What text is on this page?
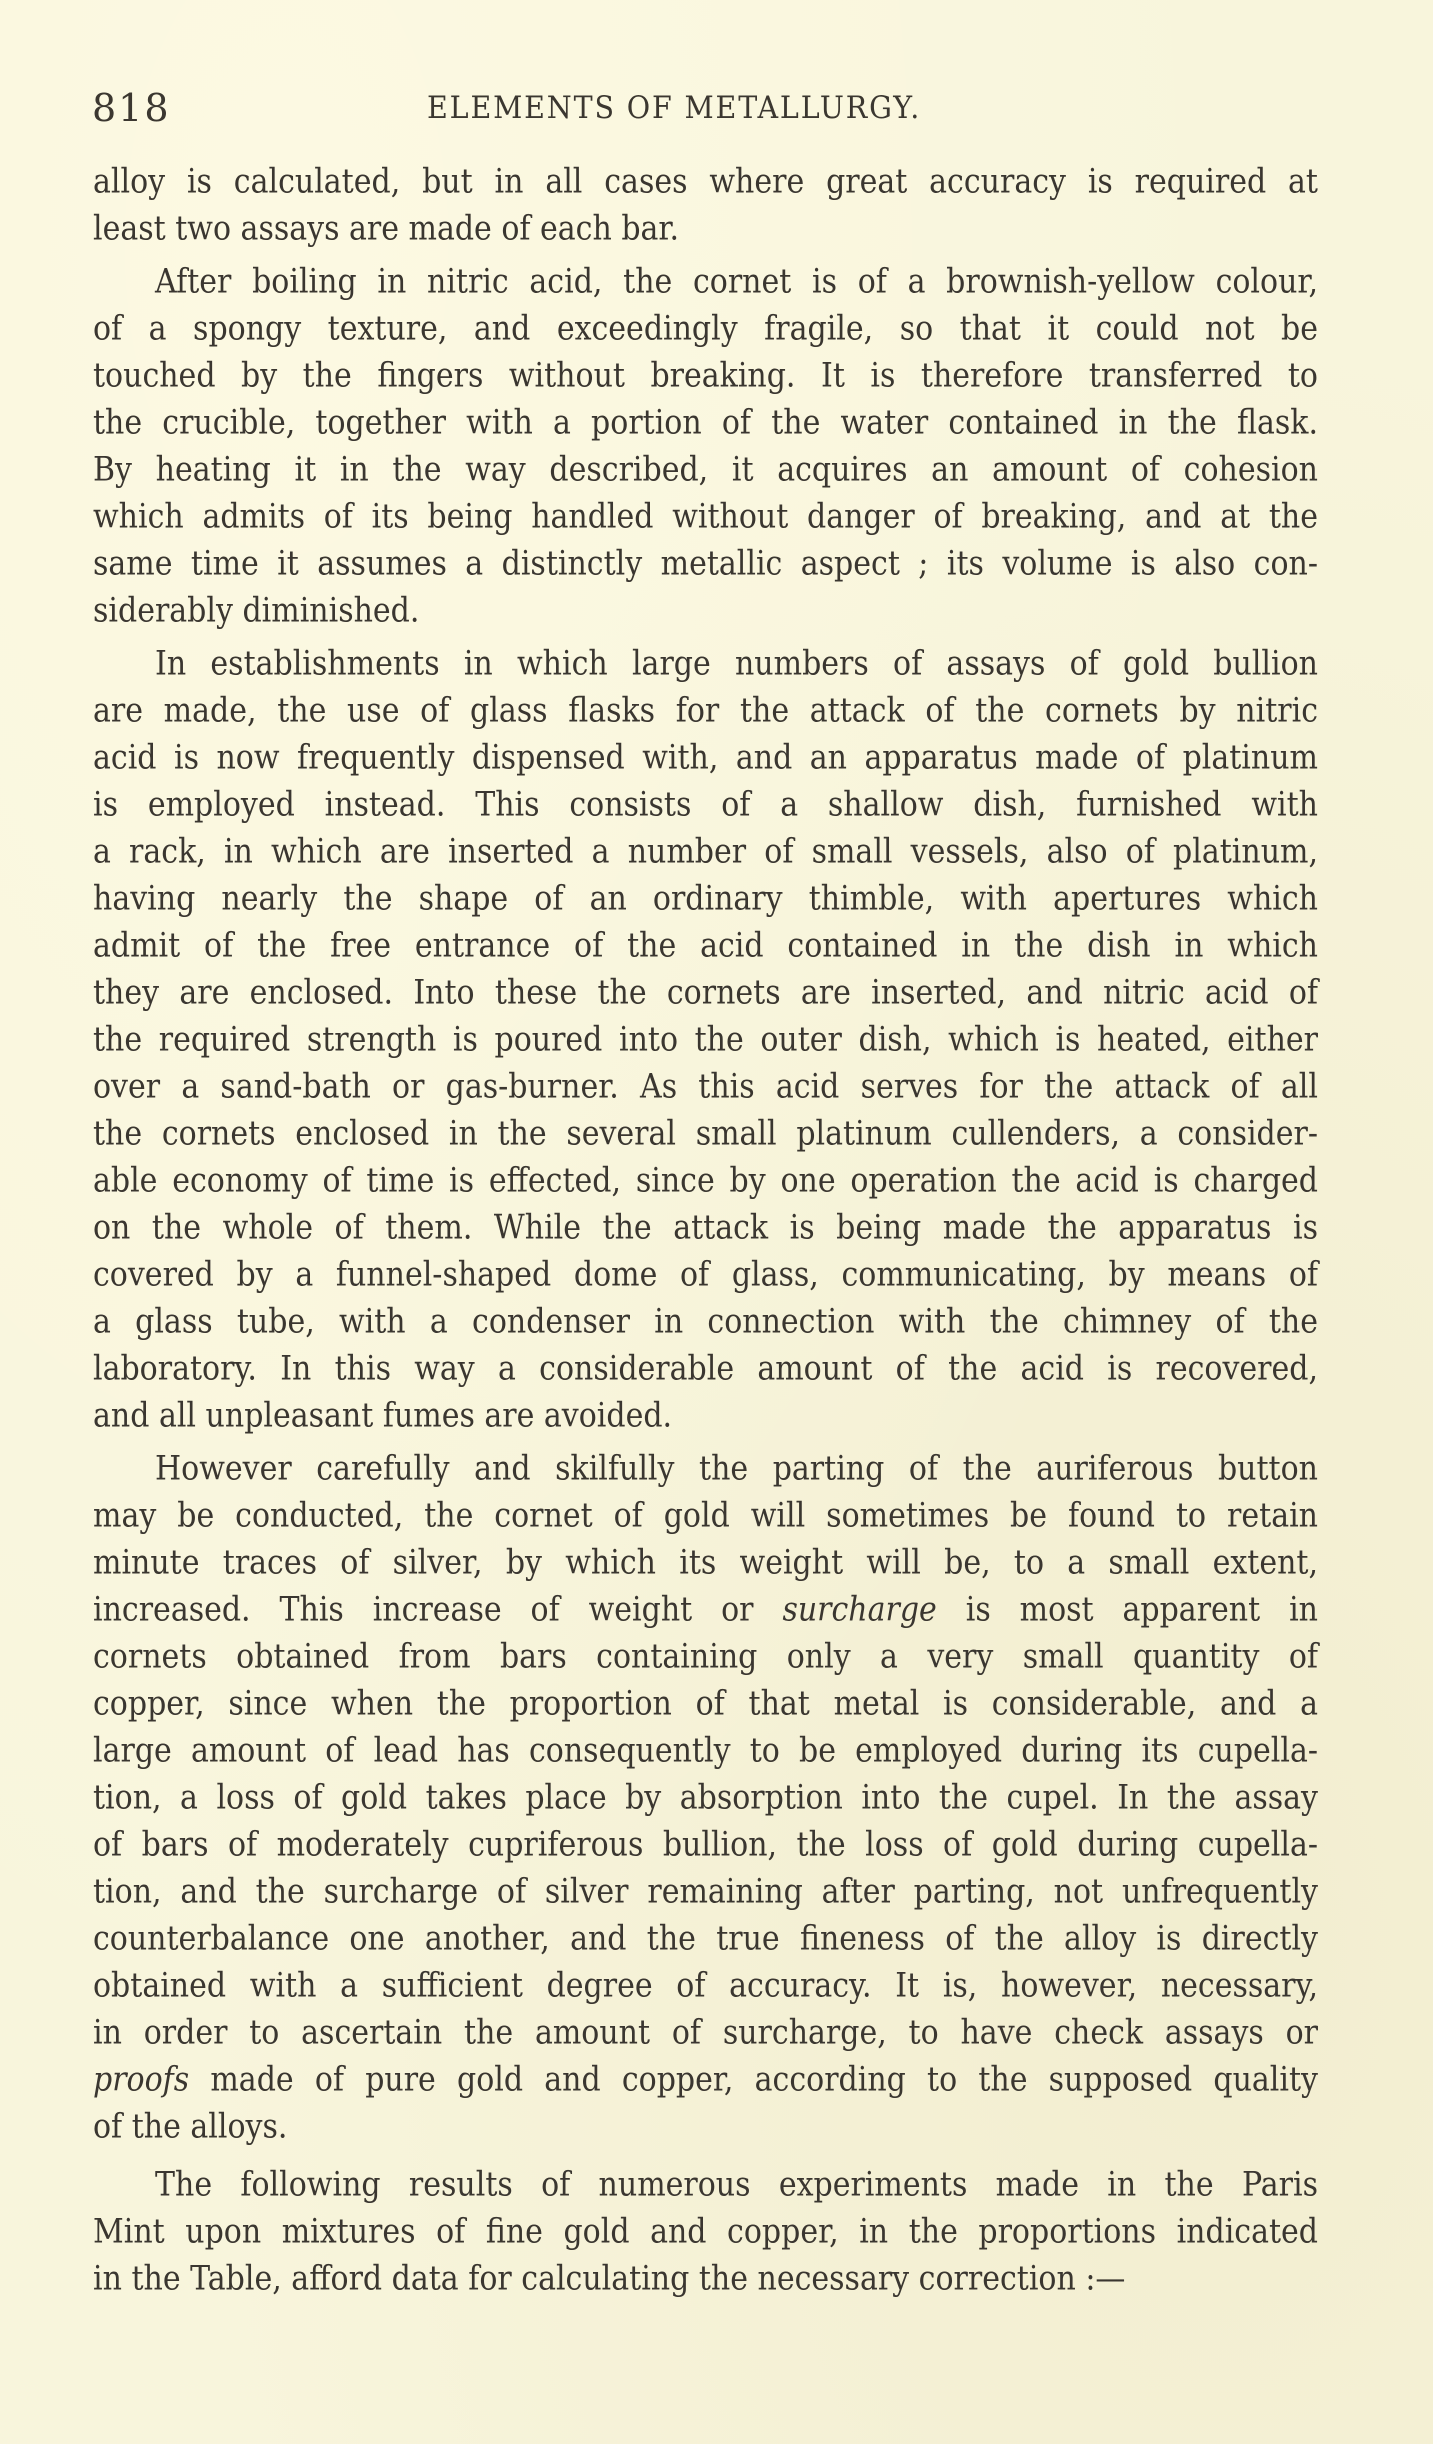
818	ELEMENTS OF METALLURGY.
alloy is calculated, but in all cases where great accuracy is required at
least two assays are made of each bar.
After boiling in nitric acid, the cornet is of a brownish-yellow colour,
of a spongy texture, and exceedingly fragile, so that it could not be
touched by the fingers without breaking. It is therefore transferred to
the crucible, together with a portion of the water contained in the flask.
By heating it in the way described, it acquires an amount of cohesion
which admits of its being handled without danger of breaking, and at the
same time it assumes a distinctly metallic aspect ; its volume is also con-
siderably diminished.
In establishments in which large numbers of assays of gold bullion
are made, the use of glass flasks for the attack of the cornets by nitric
acid is now frequently dispensed with, and an apparatus made of platinum
is employed instead. This consists of a shallow dish, furnished with
a rack, in which are inserted a number of small vessels, also of platinum,
having nearly the shape of an ordinary thimble, with apertures which
admit of the free entrance of the acid contained in the dish in which
they are enclosed. Into these the cornets are inserted, and nitric acid of
the required strength is poured into the outer dish, which is heated, either
over a sand-bath or gas-burner. As this acid serves for the attack of all
the cornets enclosed in the several small platinum cullenders, a consider-
able economy of time is effected, since by one operation the acid is charged
on the whole of them. While the attack is being made the apparatus is
covered by a funnel-shaped dome of glass, communicating, by means of
a glass tube, with a condenser in connection with the chimney of the
laboratory. In this way a considerable amount of the acid is recovered,
and all unpleasant fumes are avoided.
However carefully and skilfully the parting of the auriferous button
may be conducted, the cornet of gold will sometimes be found to retain
minute traces of silver, by which its weight will be, to a small extent,
increased. This increase of weight or surcharge is most apparent in
cornets obtained from bars containing only a very small quantity of
copper, since when the proportion of that metal is considerable, and a
large amount of lead has consequently to be employed during its cupella-
tion, a loss of gold takes place by absorption into the cupel. In the assay
of bars of moderately cupriferous bullion, the loss of gold during cupella-
tion, and the surcharge of silver remaining after parting, not unfrequently
counterbalance one another, and the true fineness of the alloy is directly
obtained with a sufficient degree of accuracy. It is, however, necessary,
in order to ascertain the amount of surcharge, to have check assays or
proofs made of pure gold and copper, according to the supposed quality
of the alloys.
The following results of numerous experiments made in the Paris
Mint upon mixtures of fine gold and copper, in the proportions indicated
in the Table, afford data for calculating the necessary correction :—
